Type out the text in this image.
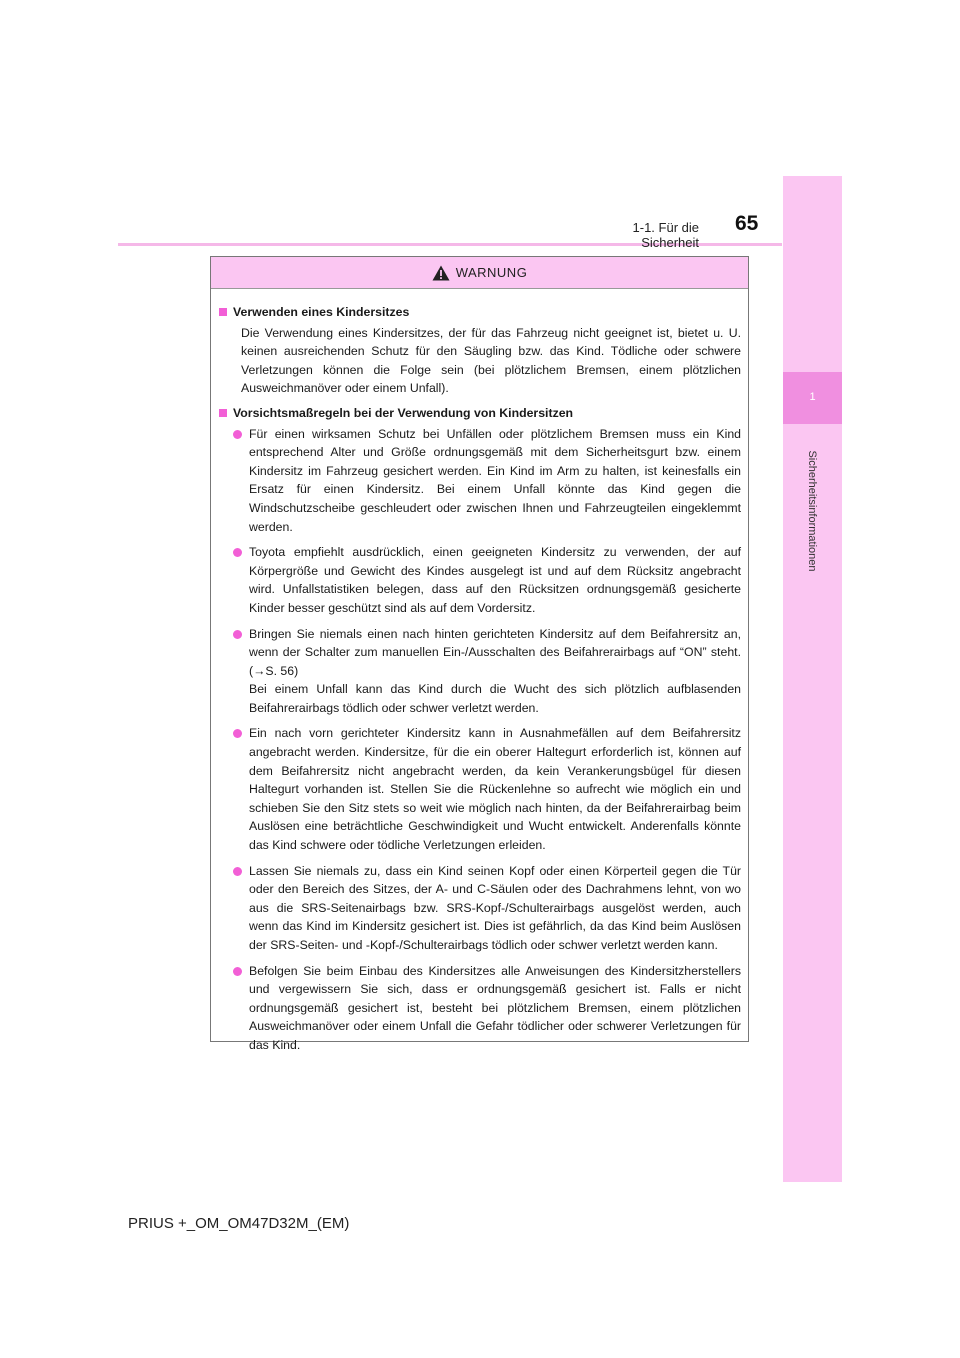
1-1. Für die Sicherheit
65
1
Sicherheitsinformationen
WARNUNG
Verwenden eines Kindersitzes
Die Verwendung eines Kindersitzes, der für das Fahrzeug nicht geeignet ist, bietet u. U. keinen ausreichenden Schutz für den Säugling bzw. das Kind. Tödliche oder schwere Verletzungen können die Folge sein (bei plötzlichem Bremsen, einem plötzlichen Ausweichmanöver oder einem Unfall).
Vorsichtsmaßregeln bei der Verwendung von Kindersitzen
Für einen wirksamen Schutz bei Unfällen oder plötzlichem Bremsen muss ein Kind entsprechend Alter und Größe ordnungsgemäß mit dem Sicherheitsgurt bzw. einem Kindersitz im Fahrzeug gesichert werden. Ein Kind im Arm zu halten, ist keinesfalls ein Ersatz für einen Kindersitz. Bei einem Unfall könnte das Kind gegen die Windschutzscheibe geschleudert oder zwischen Ihnen und Fahrzeugteilen eingeklemmt werden.
Toyota empfiehlt ausdrücklich, einen geeigneten Kindersitz zu verwenden, der auf Körpergröße und Gewicht des Kindes ausgelegt ist und auf dem Rücksitz angebracht wird. Unfallstatistiken belegen, dass auf den Rücksitzen ordnungsgemäß gesicherte Kinder besser geschützt sind als auf dem Vordersitz.
Bringen Sie niemals einen nach hinten gerichteten Kindersitz auf dem Beifahrersitz an, wenn der Schalter zum manuellen Ein-/Ausschalten des Beifahrerairbags auf “ON” steht. (→S. 56)
Bei einem Unfall kann das Kind durch die Wucht des sich plötzlich aufblasenden Beifahrerairbags tödlich oder schwer verletzt werden.
Ein nach vorn gerichteter Kindersitz kann in Ausnahmefällen auf dem Beifahrersitz angebracht werden. Kindersitze, für die ein oberer Haltegurt erforderlich ist, können auf dem Beifahrersitz nicht angebracht werden, da kein Verankerungsbügel für diesen Haltegurt vorhanden ist. Stellen Sie die Rückenlehne so aufrecht wie möglich ein und schieben Sie den Sitz stets so weit wie möglich nach hinten, da der Beifahrerairbag beim Auslösen eine beträchtliche Geschwindigkeit und Wucht entwickelt. Anderenfalls könnte das Kind schwere oder tödliche Verletzungen erleiden.
Lassen Sie niemals zu, dass ein Kind seinen Kopf oder einen Körperteil gegen die Tür oder den Bereich des Sitzes, der A- und C-Säulen oder des Dachrahmens lehnt, von wo aus die SRS-Seitenairbags bzw. SRS-Kopf-/Schulterairbags ausgelöst werden, auch wenn das Kind im Kindersitz gesichert ist. Dies ist gefährlich, da das Kind beim Auslösen der SRS-Seiten- und -Kopf-/Schulterairbags tödlich oder schwer verletzt werden kann.
Befolgen Sie beim Einbau des Kindersitzes alle Anweisungen des Kindersitzherstellers und vergewissern Sie sich, dass er ordnungsgemäß gesichert ist. Falls er nicht ordnungsgemäß gesichert ist, besteht bei plötzlichem Bremsen, einem plötzlichen Ausweichmanöver oder einem Unfall die Gefahr tödlicher oder schwerer Verletzungen für das Kind.
PRIUS +_OM_OM47D32M_(EM)
